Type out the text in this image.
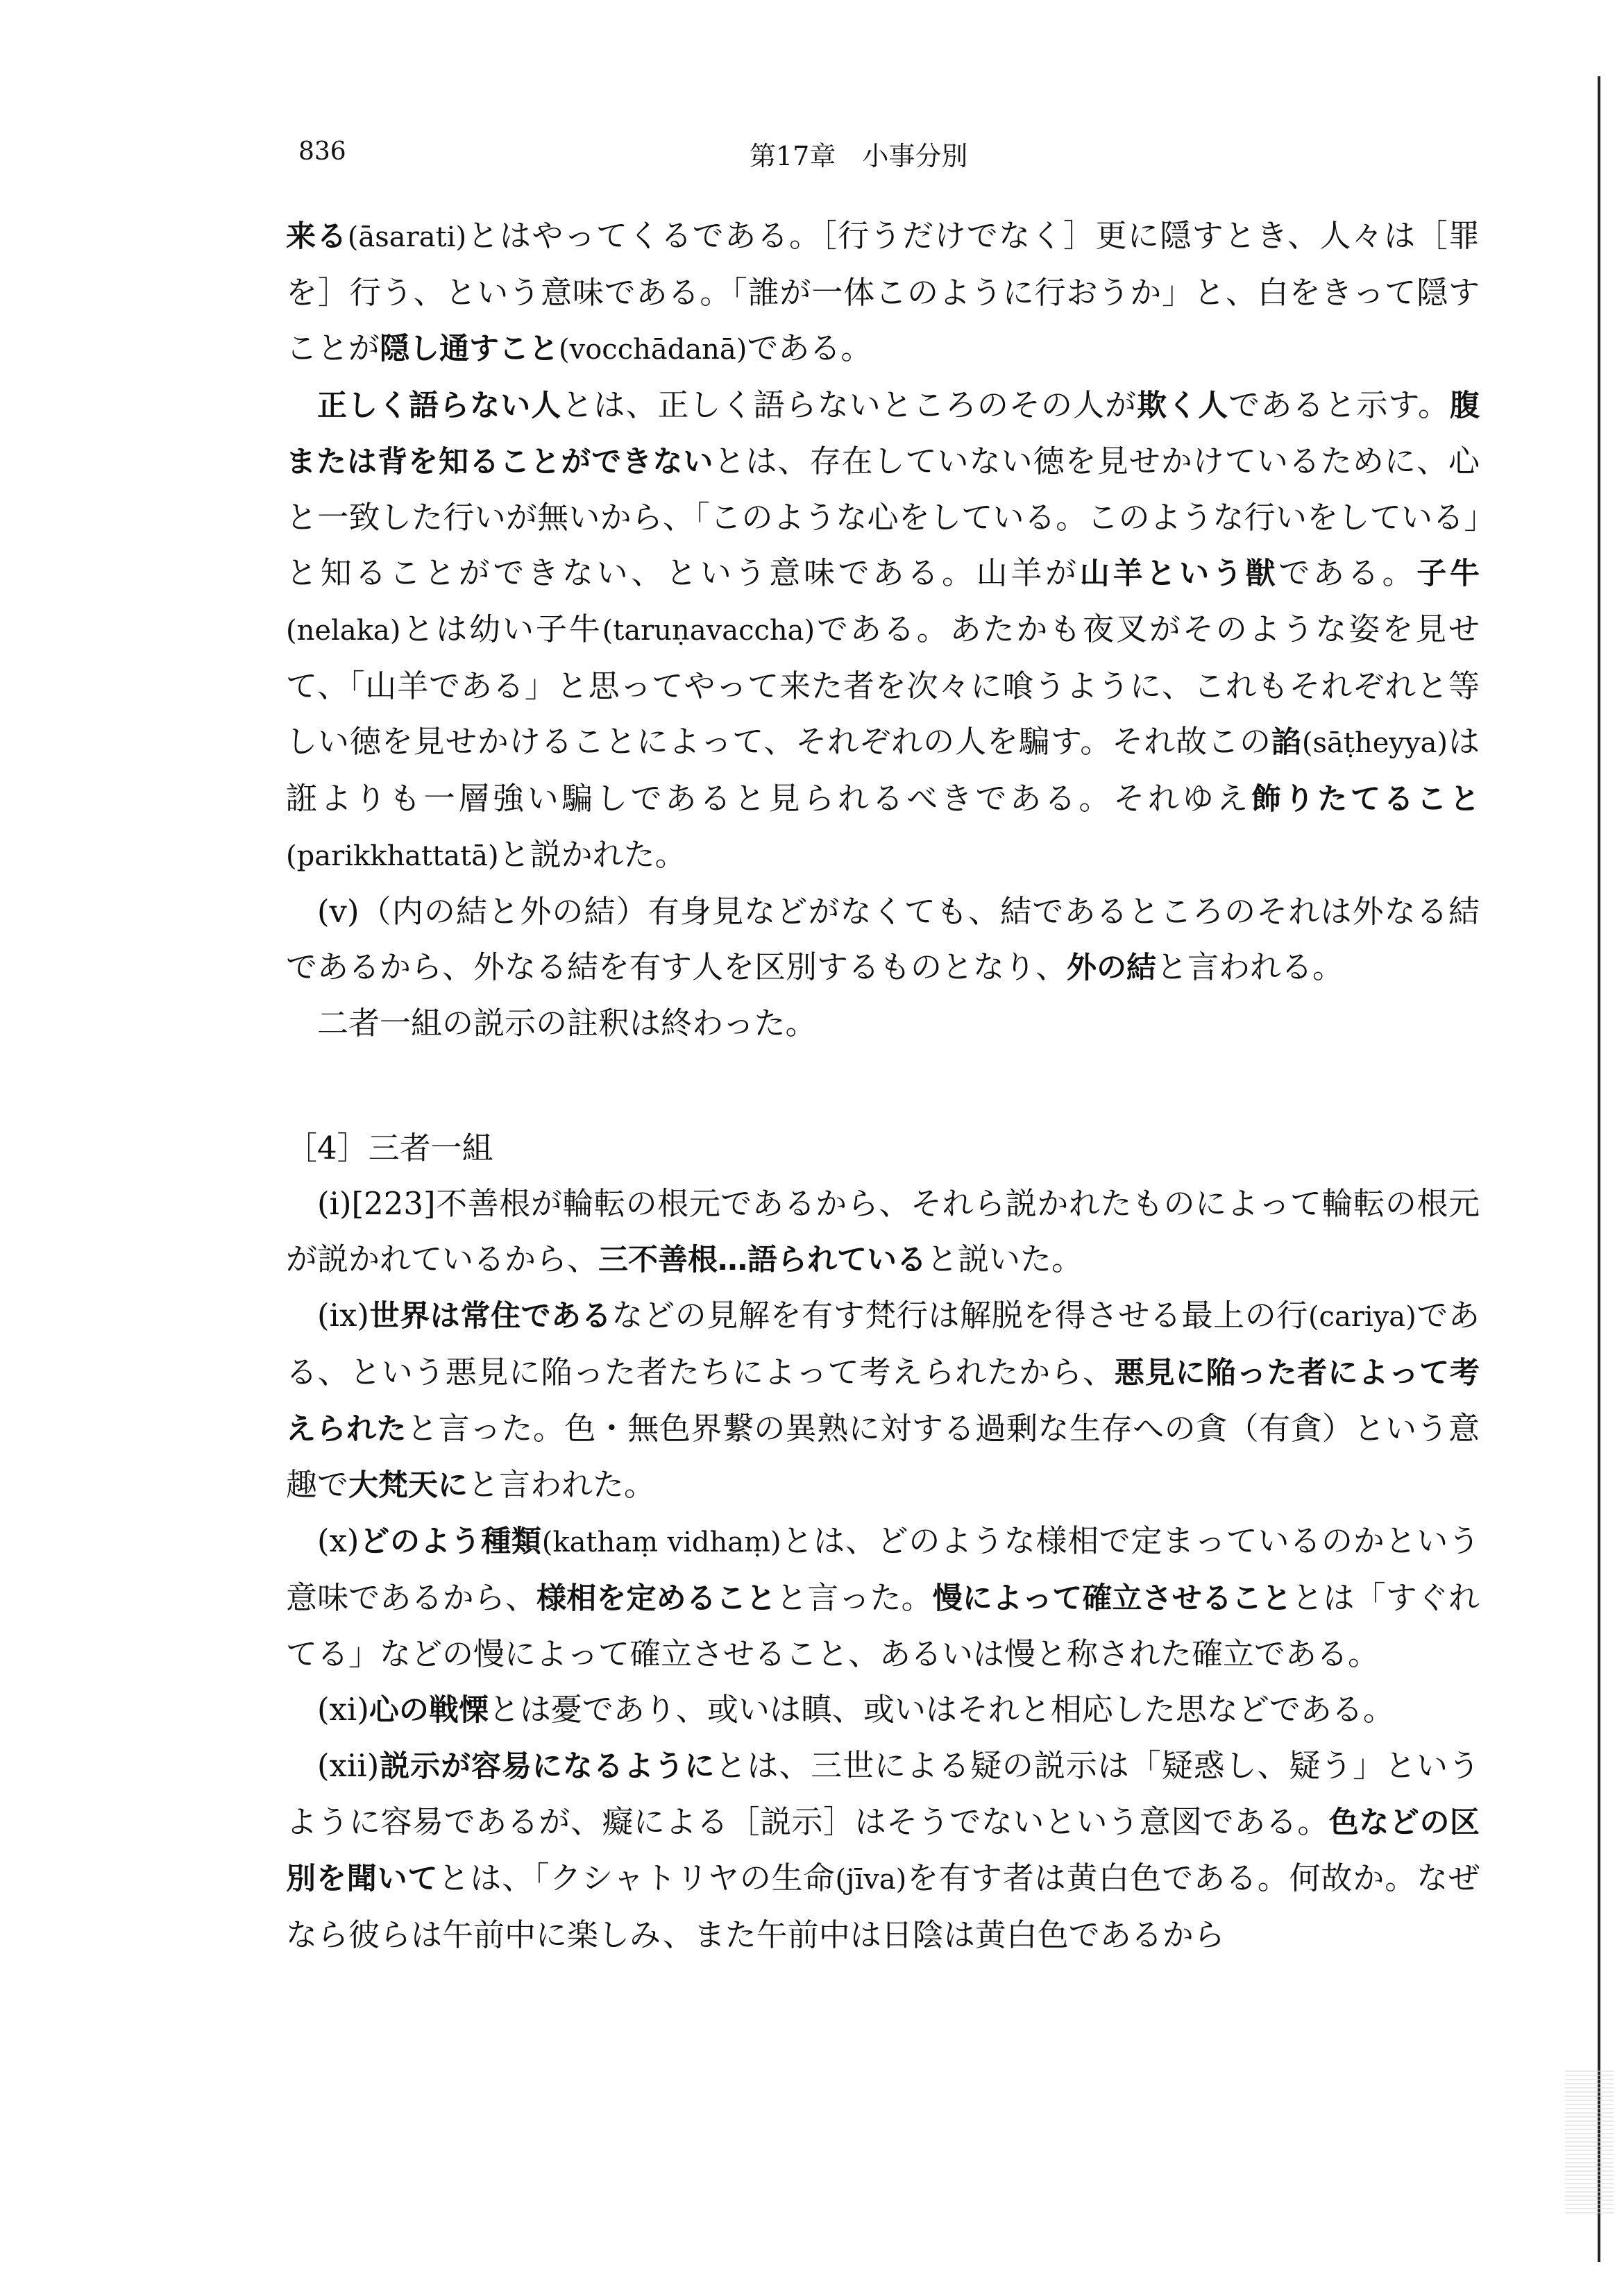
836	第17章　小事分別

来る(āsarati)とはやってくるである。［行うだけでなく］更に隠すとき、人々は［罪を］行う、という意味である。「誰が一体このように行おうか」と、白をきって隠すことが隠し通すこと(vocchādanā)である。

正しく語らない人とは、正しく語らないところのその人が欺く人であると示す。腹または背を知ることができないとは、存在していない徳を見せかけているために、心と一致した行いが無いから、「このような心をしている。このような行いをしている」と知ることができない、という意味である。山羊が山羊という獣である。子牛(nelaka)とは幼い子牛(taruṇavaccha)である。あたかも夜叉がそのような姿を見せて、「山羊である」と思ってやって来た者を次々に喰うように、これもそれぞれと等しい徳を見せかけることによって、それぞれの人を騙す。それ故この諂(sāṭheyya)は誑よりも一層強い騙しであると見られるべきである。それゆえ飾りたてること(parikkhattatā)と説かれた。

(v)（内の結と外の結）有身見などがなくても、結であるところのそれは外なる結であるから、外なる結を有す人を区別するものとなり、外の結と言われる。

二者一組の説示の註釈は終わった。

［4］三者一組

(i)[223]不善根が輪転の根元であるから、それら説かれたものによって輪転の根元が説かれているから、三不善根…語られていると説いた。

(ix)世界は常住であるなどの見解を有す梵行は解脱を得させる最上の行(cariya)である、という悪見に陥った者たちによって考えられたから、悪見に陥った者によって考えられたと言った。色・無色界繋の異熟に対する過剰な生存への貪（有貪）という意趣で大梵天にと言われた。

(x)どのよう種類(kathaṃ vidhaṃ)とは、どのような様相で定まっているのかという意味であるから、様相を定めることと言った。慢によって確立させることとは「すぐれてる」などの慢によって確立させること、あるいは慢と称された確立である。

(xi)心の戦慄とは憂であり、或いは瞋、或いはそれと相応した思などである。

(xii)説示が容易になるようにとは、三世による疑の説示は「疑惑し、疑う」というように容易であるが、癡による［説示］はそうでないという意図である。色などの区別を聞いてとは、「クシャトリヤの生命(jīva)を有す者は黄白色である。何故か。なぜなら彼らは午前中に楽しみ、また午前中は日陰は黄白色であるから
